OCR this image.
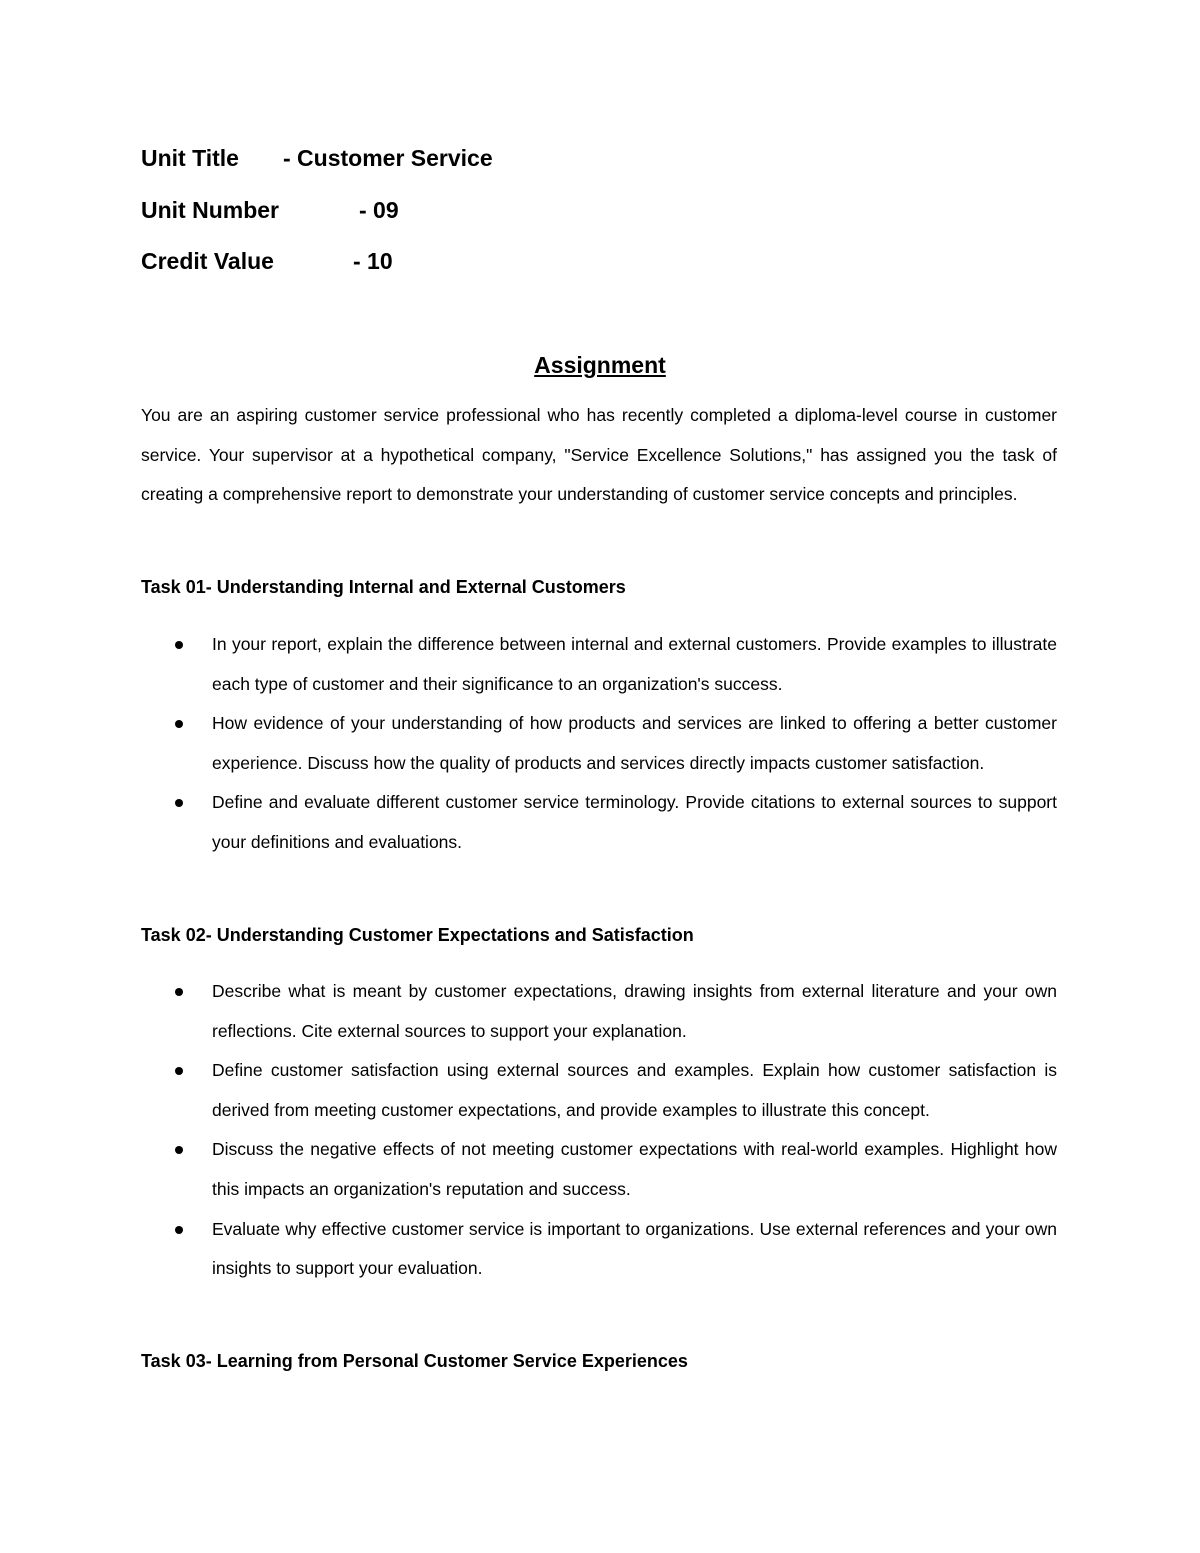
Unit Title - Customer Service
Unit Number	- 09
Credit Value	- 10
Assignment
You are an aspiring customer service professional who has recently completed a diploma-level course in customer service. Your supervisor at a hypothetical company, "Service Excellence Solutions," has assigned you the task of creating a comprehensive report to demonstrate your understanding of customer service concepts and principles.
Task 01- Understanding Internal and External Customers
In your report, explain the difference between internal and external customers. Provide examples to illustrate each type of customer and their significance to an organization's success.
How evidence of your understanding of how products and services are linked to offering a better customer experience. Discuss how the quality of products and services directly impacts customer satisfaction.
Define and evaluate different customer service terminology. Provide citations to external sources to support your definitions and evaluations.
Task 02- Understanding Customer Expectations and Satisfaction
Describe what is meant by customer expectations, drawing insights from external literature and your own reflections. Cite external sources to support your explanation.
Define customer satisfaction using external sources and examples. Explain how customer satisfaction is derived from meeting customer expectations, and provide examples to illustrate this concept.
Discuss the negative effects of not meeting customer expectations with real-world examples. Highlight how this impacts an organization's reputation and success.
Evaluate why effective customer service is important to organizations. Use external references and your own insights to support your evaluation.
Task 03- Learning from Personal Customer Service Experiences
